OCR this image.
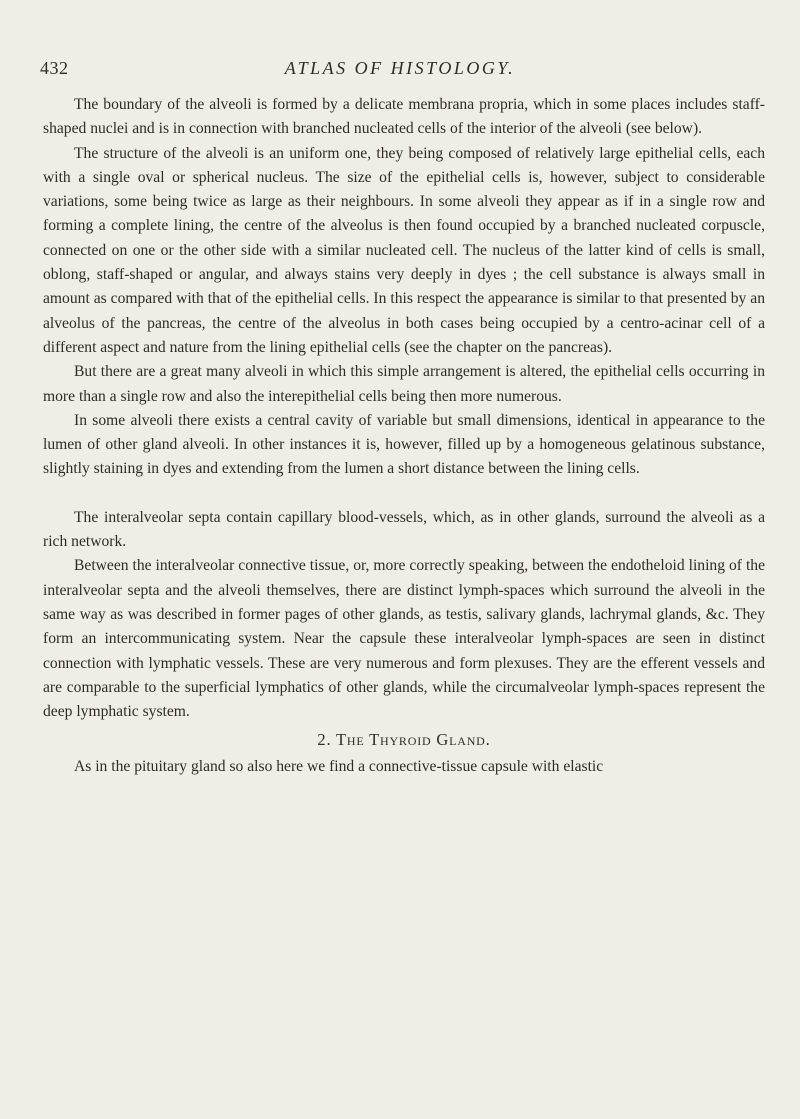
432	ATLAS OF HISTOLOGY.

The boundary of the alveoli is formed by a delicate membrana propria, which in some places includes staff-shaped nuclei and is in connection with branched nucleated cells of the interior of the alveoli (see below).

The structure of the alveoli is an uniform one, they being composed of relatively large epithelial cells, each with a single oval or spherical nucleus. The size of the epithelial cells is, however, subject to considerable variations, some being twice as large as their neighbours. In some alveoli they appear as if in a single row and forming a complete lining, the centre of the alveolus is then found occupied by a branched nucleated corpuscle, connected on one or the other side with a similar nucleated cell. The nucleus of the latter kind of cells is small, oblong, staff-shaped or angular, and always stains very deeply in dyes ; the cell substance is always small in amount as compared with that of the epithelial cells. In this respect the appearance is similar to that presented by an alveolus of the pancreas, the centre of the alveolus in both cases being occupied by a centro-acinar cell of a different aspect and nature from the lining epithelial cells (see the chapter on the pancreas).

But there are a great many alveoli in which this simple arrangement is altered, the epithelial cells occurring in more than a single row and also the interepithelial cells being then more numerous.

In some alveoli there exists a central cavity of variable but small dimensions, identical in appearance to the lumen of other gland alveoli. In other instances it is, however, filled up by a homogeneous gelatinous substance, slightly staining in dyes and extending from the lumen a short distance between the lining cells.

The interalveolar septa contain capillary blood-vessels, which, as in other glands, surround the alveoli as a rich network.

Between the interalveolar connective tissue, or, more correctly speaking, between the endotheloid lining of the interalveolar septa and the alveoli themselves, there are distinct lymph-spaces which surround the alveoli in the same way as was described in former pages of other glands, as testis, salivary glands, lachrymal glands, &c. They form an intercommunicating system. Near the capsule these interalveolar lymph-spaces are seen in distinct connection with lymphatic vessels. These are very numerous and form plexuses. They are the efferent vessels and are comparable to the superficial lymphatics of other glands, while the circumalveolar lymph-spaces represent the deep lymphatic system.

2. The Thyroid Gland.

As in the pituitary gland so also here we find a connective-tissue capsule with elastic
